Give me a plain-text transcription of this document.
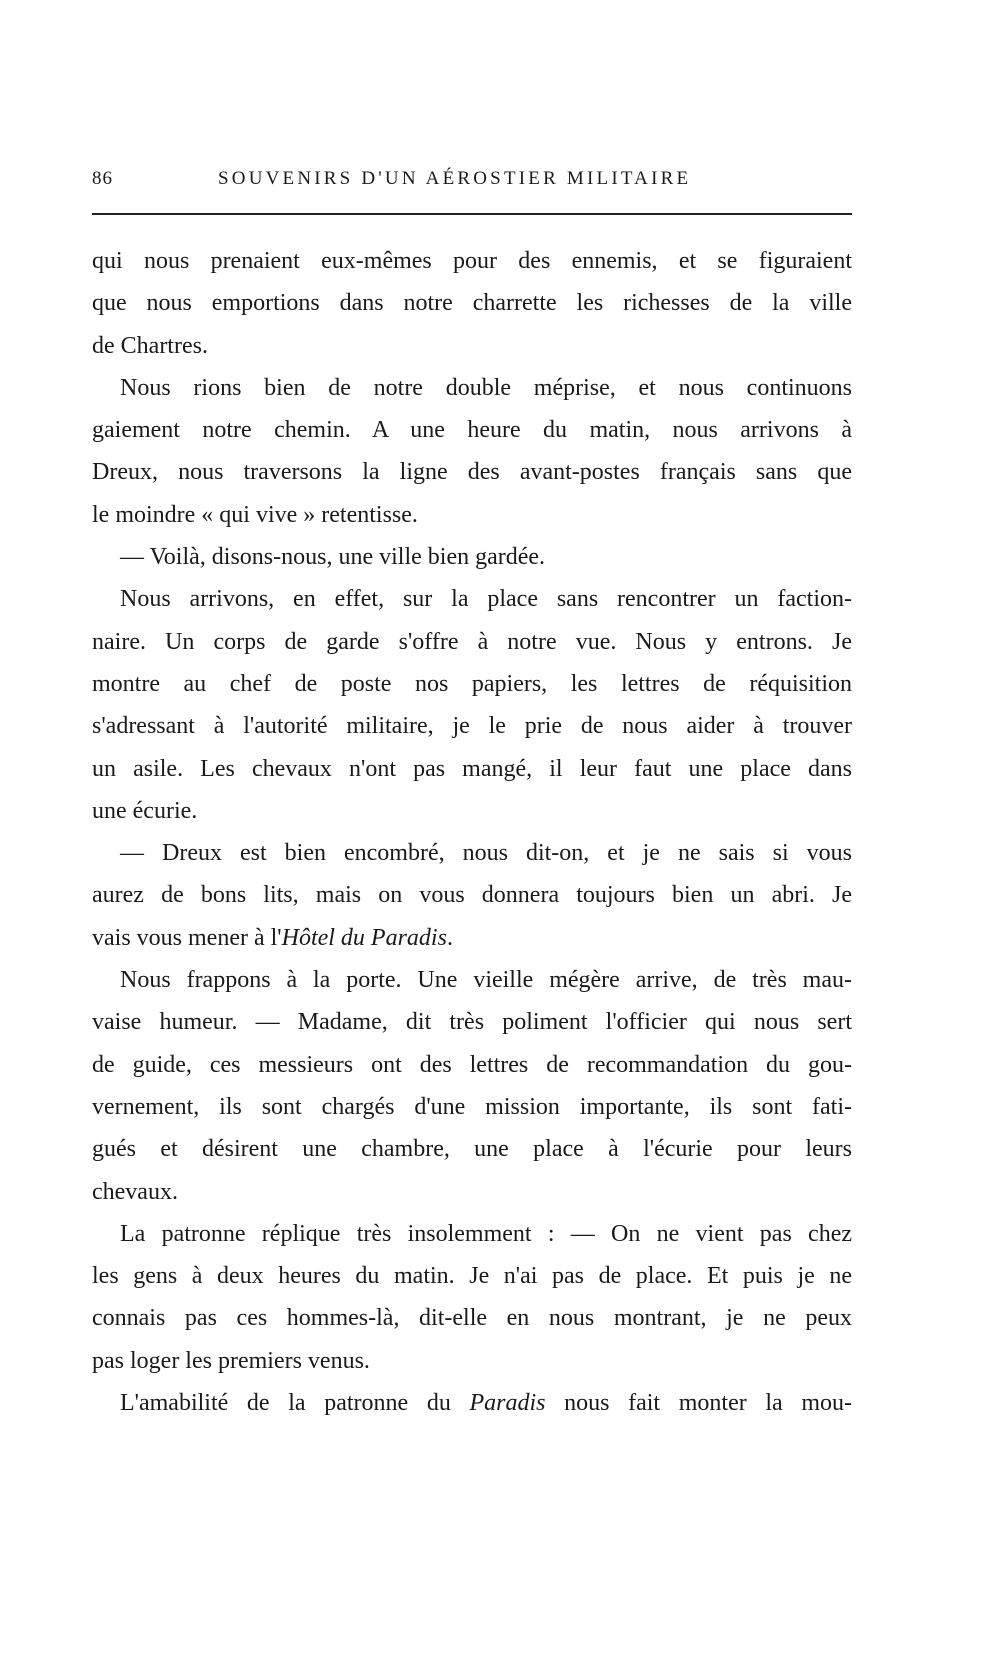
86	SOUVENIRS D'UN AÉROSTIER MILITAIRE
qui nous prenaient eux-mêmes pour des ennemis, et se figuraient
que nous emportions dans notre charrette les richesses de la ville
de Chartres.
Nous rions bien de notre double méprise, et nous continuons
gaiement notre chemin. A une heure du matin, nous arrivons à
Dreux, nous traversons la ligne des avant-postes français sans que
le moindre « qui vive » retentisse.
— Voilà, disons-nous, une ville bien gardée.
Nous arrivons, en effet, sur la place sans rencontrer un faction-
naire. Un corps de garde s'offre à notre vue. Nous y entrons. Je
montre au chef de poste nos papiers, les lettres de réquisition
s'adressant à l'autorité militaire, je le prie de nous aider à trouver
un asile. Les chevaux n'ont pas mangé, il leur faut une place dans
une écurie.
— Dreux est bien encombré, nous dit-on, et je ne sais si vous
aurez de bons lits, mais on vous donnera toujours bien un abri. Je
vais vous mener à l'Hôtel du Paradis.
Nous frappons à la porte. Une vieille mégère arrive, de très mau-
vaise humeur. — Madame, dit très poliment l'officier qui nous sert
de guide, ces messieurs ont des lettres de recommandation du gou-
vernement, ils sont chargés d'une mission importante, ils sont fati-
gués et désirent une chambre, une place à l'écurie pour leurs
chevaux.
La patronne réplique très insolemment : — On ne vient pas chez
les gens à deux heures du matin. Je n'ai pas de place. Et puis je ne
connais pas ces hommes-là, dit-elle en nous montrant, je ne peux
pas loger les premiers venus.
L'amabilité de la patronne du Paradis nous fait monter la mou-
